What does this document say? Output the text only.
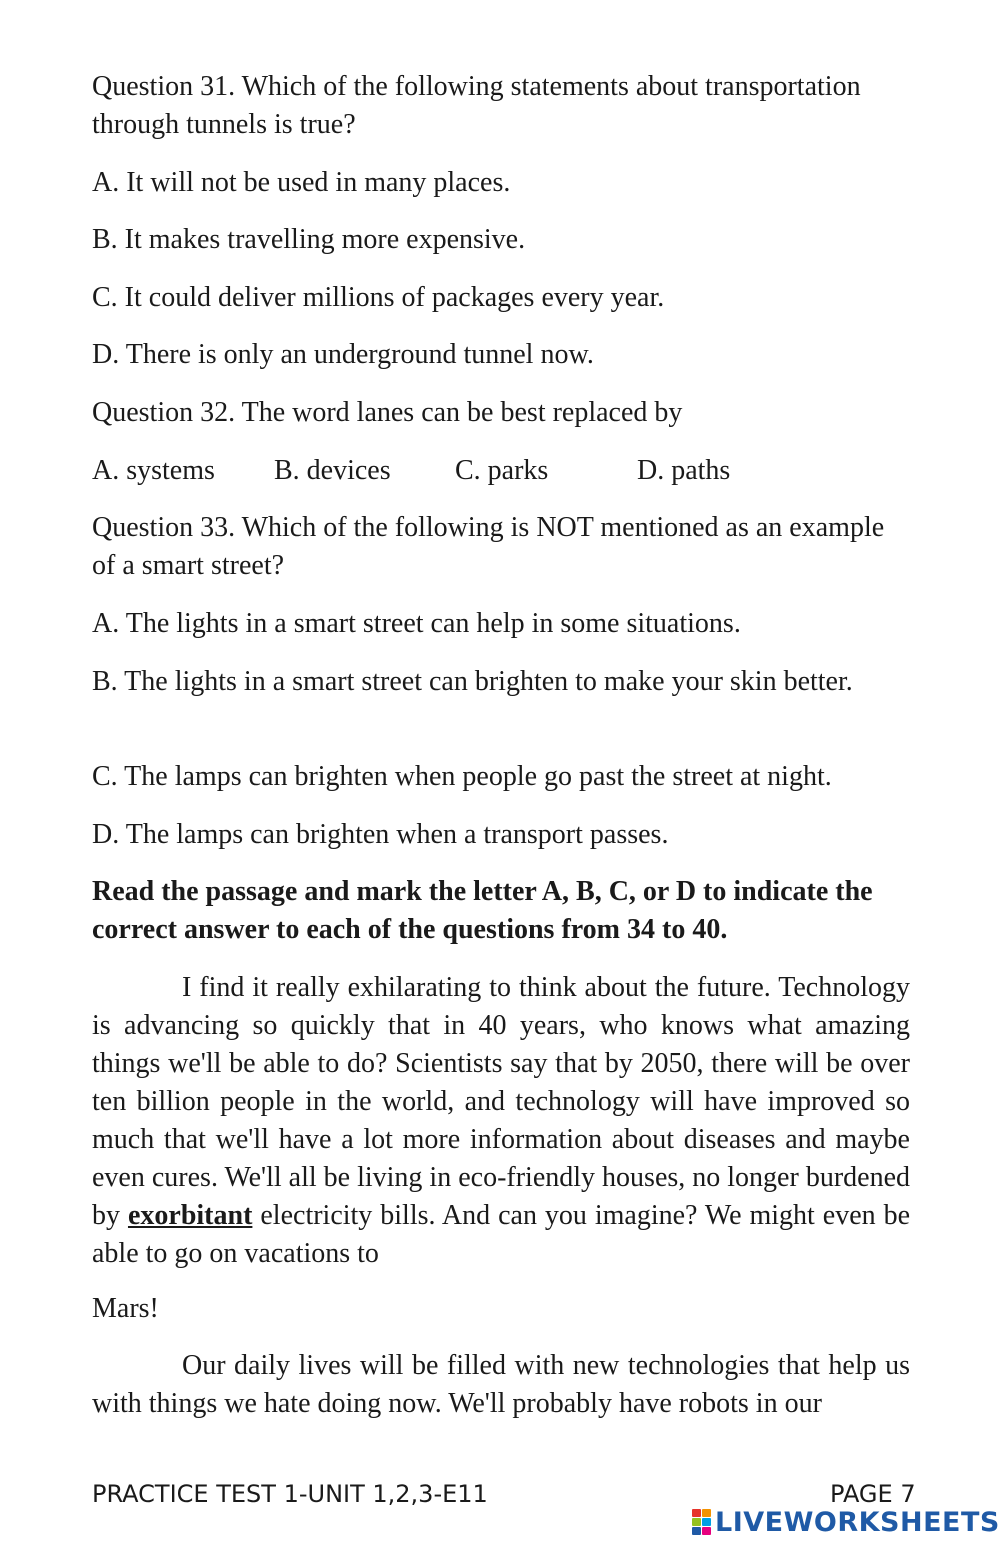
Question 31. Which of the following statements about transportation through tunnels is true?

A. It will not be used in many places.

B. It makes travelling more expensive.

C. It could deliver millions of packages every year.

D. There is only an underground tunnel now.

Question 32. The word lanes can be best replaced by

A. systems B. devices C. parks	D. paths

Question 33. Which of the following is NOT mentioned as an example of a smart street?

A. The lights in a smart street can help in some situations.

B. The lights in a smart street can brighten to make your skin better.

C. The lamps can brighten when people go past the street at night.

D. The lamps can brighten when a transport passes.

Read the passage and mark the letter A, B, C, or D to indicate the correct answer to each of the questions from 34 to 40.

I find it really exhilarating to think about the future. Technology is advancing so quickly that in 40 years, who knows what amazing things we'll be able to do? Scientists say that by 2050, there will be over ten billion people in the world, and technology will have improved so much that we'll have a lot more information about diseases and maybe even cures. We'll all be living in eco-friendly houses, no longer burdened by exorbitant electricity bills. And can you imagine? We might even be able to go on vacations to

Mars!

Our daily lives will be filled with new technologies that help us with things we hate doing now. We'll probably have robots in our

PRACTICE TEST 1-UNIT 1,2,3-E11	PAGE 7
LIVEWORKSHEETS
